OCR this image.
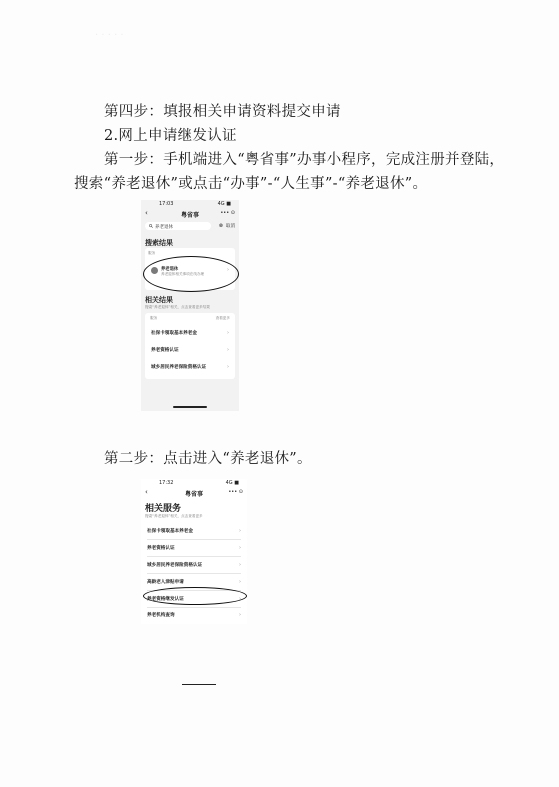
· · · · ·
第四步：填报相关申请资料提交申请
2.网上申请继发认证
第一步：手机端进入“粤省事”办事小程序，完成注册并登陆，
搜索“养老退休”或点击“办事”-“人生事”-“养老退休”。
17:03	4G ■
‹	粤省事	••• ⊙
养老退休	⊗ 取消
搜索结果
服务
养老退休
养老退休相关事项在线办理
›
相关结果
搜索“养老退休”相关，点击查看更多结果
服务	查看更多
社保卡領取基本养老金	›
养老资格认证	›
城乡居民养老保险资格认证	›
第二步：点击进入“养老退休”。
17:32	4G ■
‹	粤省事	••• ⊙
相关服务
搜索“养老退休”相关，点击查看更多
社保卡領取基本养老金	›
养老资格认证	›
城乡居民养老保险资格认证	›
高龄老人津贴申请	›
养老资格继发认证	›
养老机构查询	›
